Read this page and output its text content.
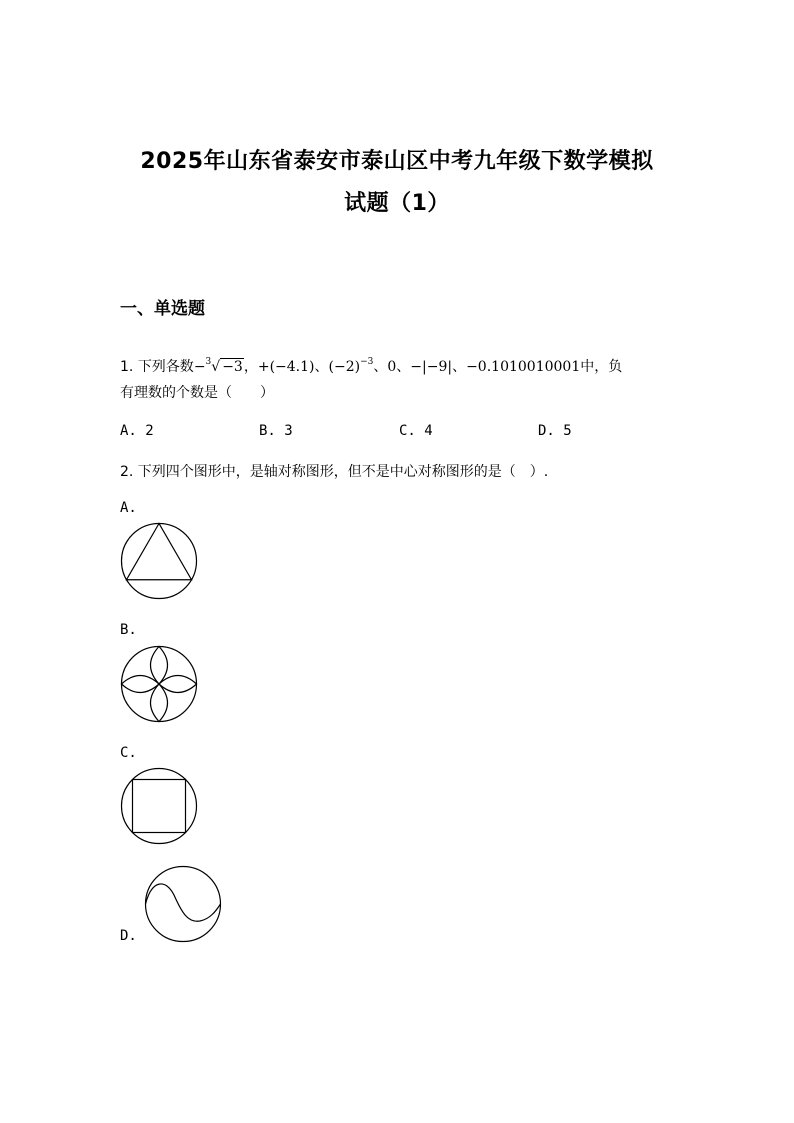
2025年山东省泰安市泰山区中考九年级下数学模拟
试题（1）
一、单选题
1. 下列各数−$^3$√ −3，+(−4.1)、$(-2)^{-3}$、0、−|−9|、−0.1010010001中，负
有理数的个数是（　　）
A. 2	B. 3	C. 4	D. 5
2. 下列四个图形中，是轴对称图形，但不是中心对称图形的是（　）.
A.
B.
C.
D.
